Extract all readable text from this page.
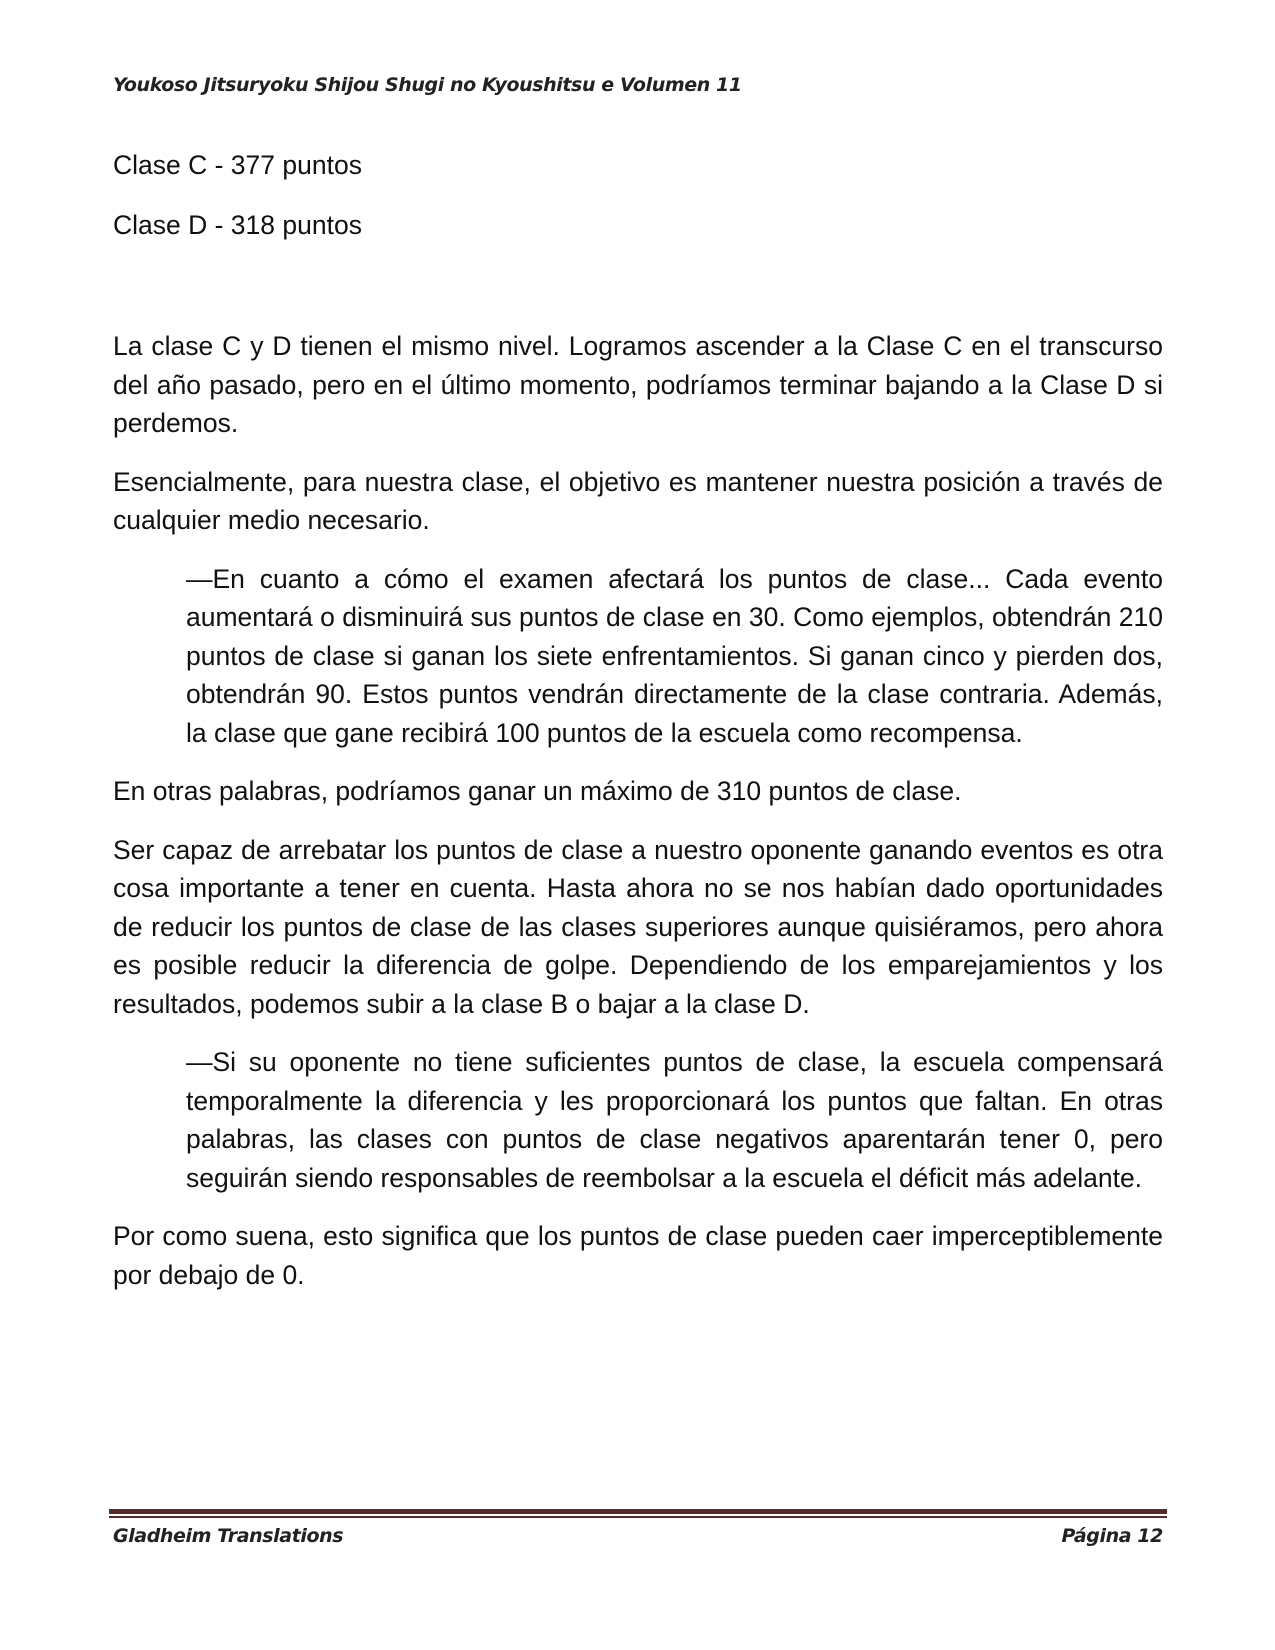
Youkoso Jitsuryoku Shijou Shugi no Kyoushitsu e Volumen 11

Clase C - 377 puntos

Clase D - 318 puntos

La clase C y D tienen el mismo nivel. Logramos ascender a la Clase C en el transcurso del año pasado, pero en el último momento, podríamos terminar bajando a la Clase D si perdemos.

Esencialmente, para nuestra clase, el objetivo es mantener nuestra posición a través de cualquier medio necesario.

—En cuanto a cómo el examen afectará los puntos de clase... Cada evento aumentará o disminuirá sus puntos de clase en 30. Como ejemplos, obtendrán 210 puntos de clase si ganan los siete enfrentamientos. Si ganan cinco y pierden dos, obtendrán 90. Estos puntos vendrán directamente de la clase contraria. Además, la clase que gane recibirá 100 puntos de la escuela como recompensa.

En otras palabras, podríamos ganar un máximo de 310 puntos de clase.

Ser capaz de arrebatar los puntos de clase a nuestro oponente ganando eventos es otra cosa importante a tener en cuenta. Hasta ahora no se nos habían dado oportunidades de reducir los puntos de clase de las clases superiores aunque quisiéramos, pero ahora es posible reducir la diferencia de golpe. Dependiendo de los emparejamientos y los resultados, podemos subir a la clase B o bajar a la clase D.

—Si su oponente no tiene suficientes puntos de clase, la escuela compensará temporalmente la diferencia y les proporcionará los puntos que faltan. En otras palabras, las clases con puntos de clase negativos aparentarán tener 0, pero seguirán siendo responsables de reembolsar a la escuela el déficit más adelante.

Por como suena, esto significa que los puntos de clase pueden caer imperceptiblemente por debajo de 0.

Gladheim Translations	Página 12
